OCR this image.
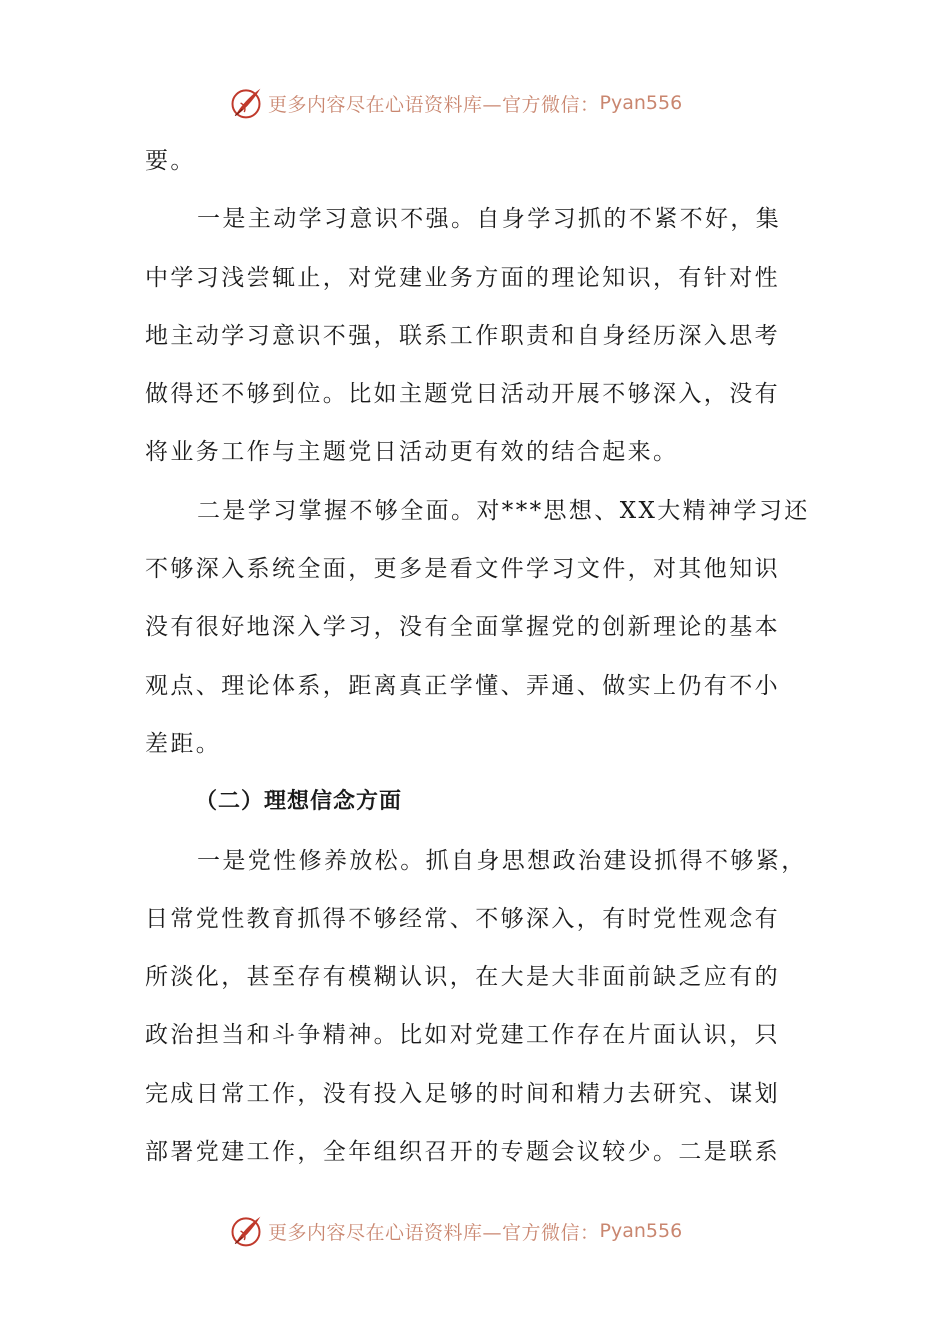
更多内容尽在心语资料库—官方微信： Pyan556
要。
一是主动学习意识不强。自身学习抓的不紧不好，集
中学习浅尝辄止，对党建业务方面的理论知识，有针对性
地主动学习意识不强，联系工作职责和自身经历深入思考
做得还不够到位。比如主题党日活动开展不够深入，没有
将业务工作与主题党日活动更有效的结合起来。
二是学习掌握不够全面。对***思想、XX大精神学习还
不够深入系统全面，更多是看文件学习文件，对其他知识
没有很好地深入学习，没有全面掌握党的创新理论的基本
观点、理论体系，距离真正学懂、弄通、做实上仍有不小
差距。
（二）理想信念方面
一是党性修养放松。抓自身思想政治建设抓得不够紧，
日常党性教育抓得不够经常、不够深入，有时党性观念有
所淡化，甚至存有模糊认识，在大是大非面前缺乏应有的
政治担当和斗争精神。比如对党建工作存在片面认识，只
完成日常工作，没有投入足够的时间和精力去研究、谋划
部署党建工作，全年组织召开的专题会议较少。二是联系
更多内容尽在心语资料库—官方微信： Pyan556
